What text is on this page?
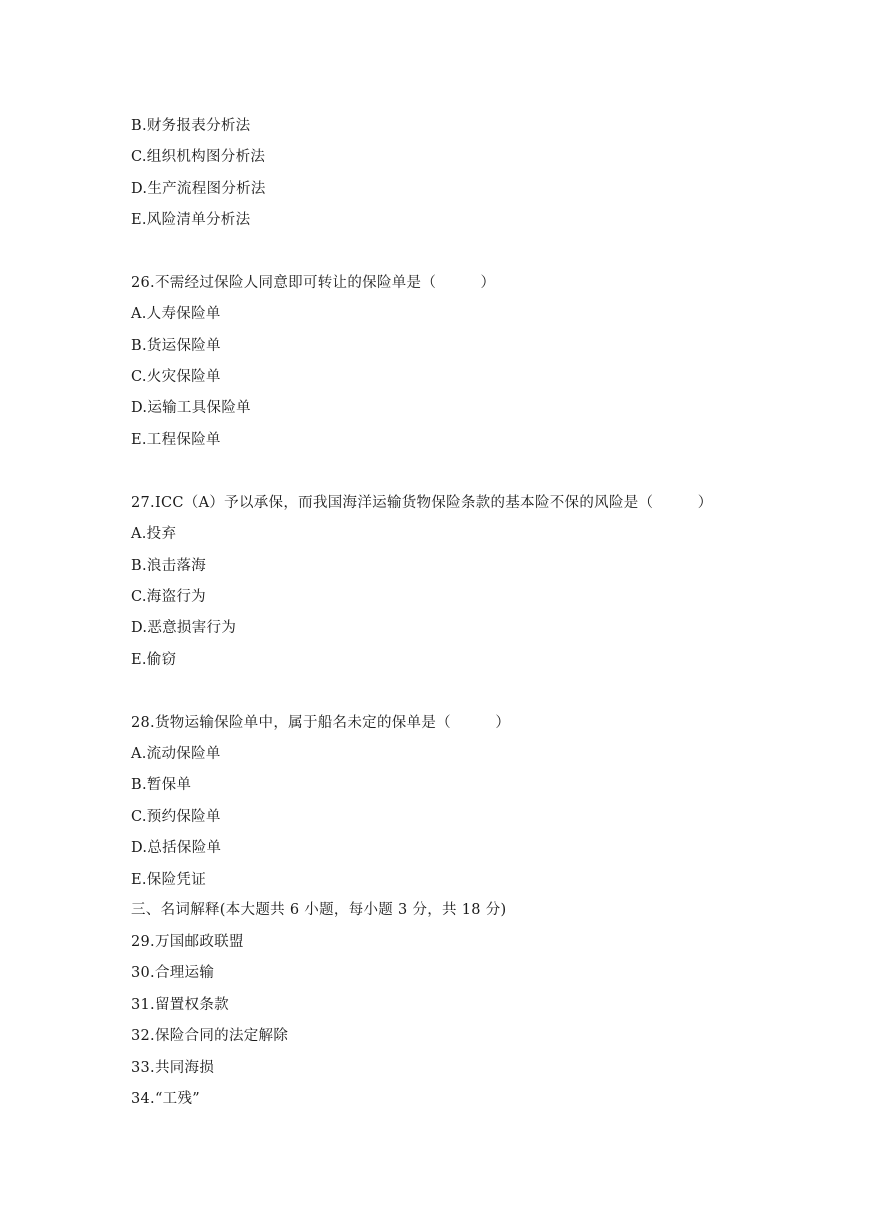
B.财务报表分析法
C.组织机构图分析法
D.生产流程图分析法
E.风险清单分析法
26.不需经过保险人同意即可转让的保险单是（　　　）
A.人寿保险单
B.货运保险单
C.火灾保险单
D.运输工具保险单
E.工程保险单
27.ICC（A）予以承保，而我国海洋运输货物保险条款的基本险不保的风险是（　　　）
A.投弃
B.浪击落海
C.海盗行为
D.恶意损害行为
E.偷窃
28.货物运输保险单中，属于船名未定的保单是（　　　）
A.流动保险单
B.暂保单
C.预约保险单
D.总括保险单
E.保险凭证
三、名词解释(本大题共 6 小题，每小题 3 分，共 18 分)
29.万国邮政联盟
30.合理运输
31.留置权条款
32.保险合同的法定解除
33.共同海损
34.“工残”
